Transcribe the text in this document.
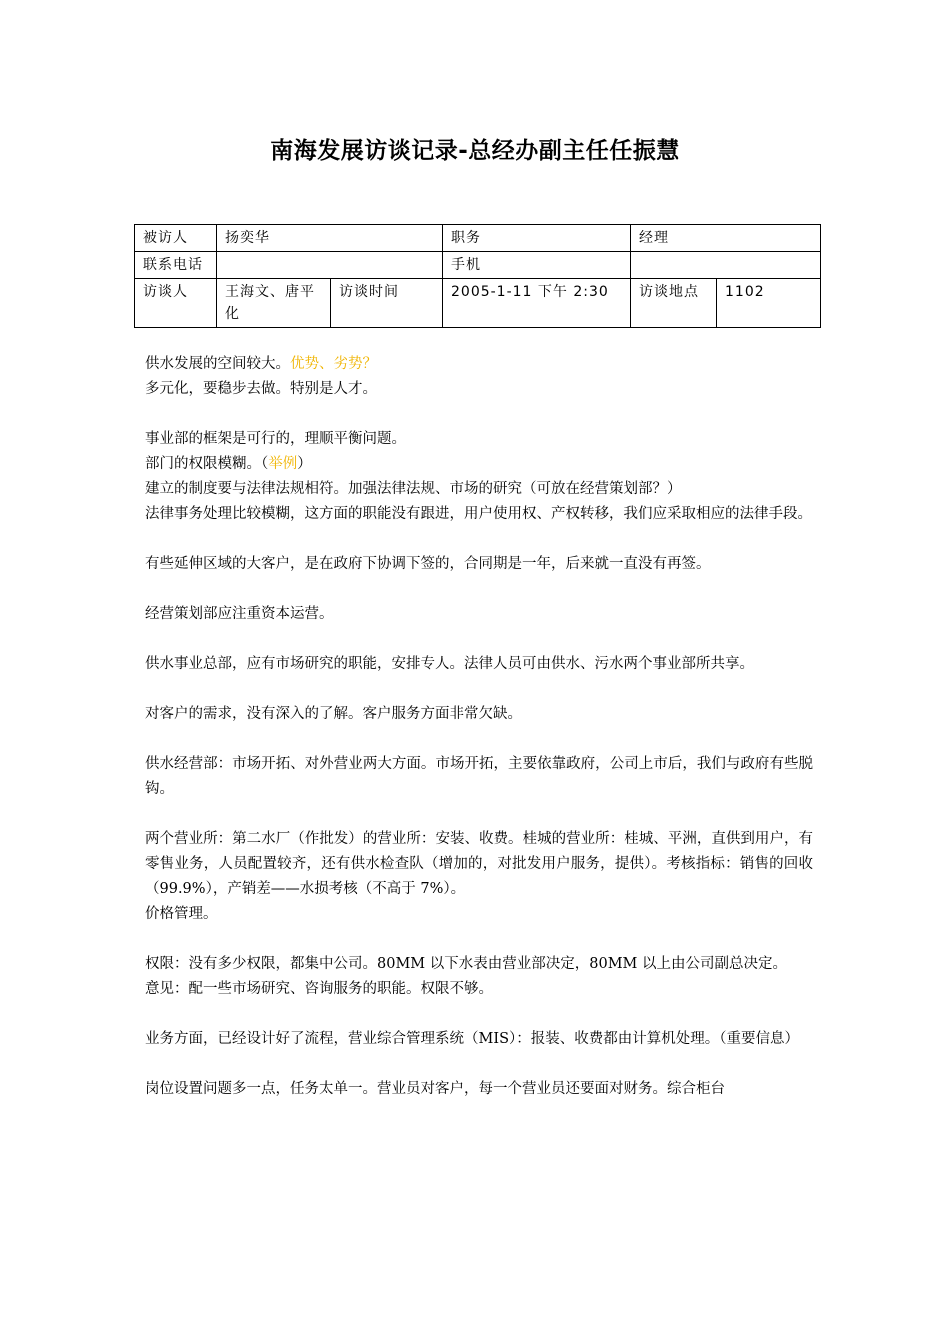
南海发展访谈记录-总经办副主任任振慧
被访人	扬奕华		职务	经理	
联系电话			手机		
访谈人	王海文、唐平化	访谈时间	2005-1-11 下午 2:30	访谈地点	1102

供水发展的空间较大。优势、劣势？

多元化，要稳步去做。特别是人才。

事业部的框架是可行的，理顺平衡问题。

部门的权限模糊。（举例）

建立的制度要与法律法规相符。加强法律法规、市场的研究（可放在经营策划部？）

法律事务处理比较模糊，这方面的职能没有跟进，用户使用权、产权转移，我们应采取相应的法律手段。

有些延伸区域的大客户，是在政府下协调下签的，合同期是一年，后来就一直没有再签。

经营策划部应注重资本运营。

供水事业总部，应有市场研究的职能，安排专人。法律人员可由供水、污水两个事业部所共享。

对客户的需求，没有深入的了解。客户服务方面非常欠缺。

供水经营部：市场开拓、对外营业两大方面。市场开拓，主要依靠政府，公司上市后，我们与政府有些脱钩。

两个营业所：第二水厂（作批发）的营业所：安装、收费。桂城的营业所：桂城、平洲，直供到用户，有零售业务，人员配置较齐，还有供水检查队（增加的，对批发用户服务，提供）。考核指标：销售的回收（99.9%），产销差——水损考核（不高于 7%）。

价格管理。

权限：没有多少权限，都集中公司。80MM 以下水表由营业部决定，80MM 以上由公司副总决定。

意见：配一些市场研究、咨询服务的职能。权限不够。

业务方面，已经设计好了流程，营业综合管理系统（MIS）：报装、收费都由计算机处理。（重要信息）

岗位设置问题多一点，任务太单一。营业员对客户，每一个营业员还要面对财务。综合柜台
